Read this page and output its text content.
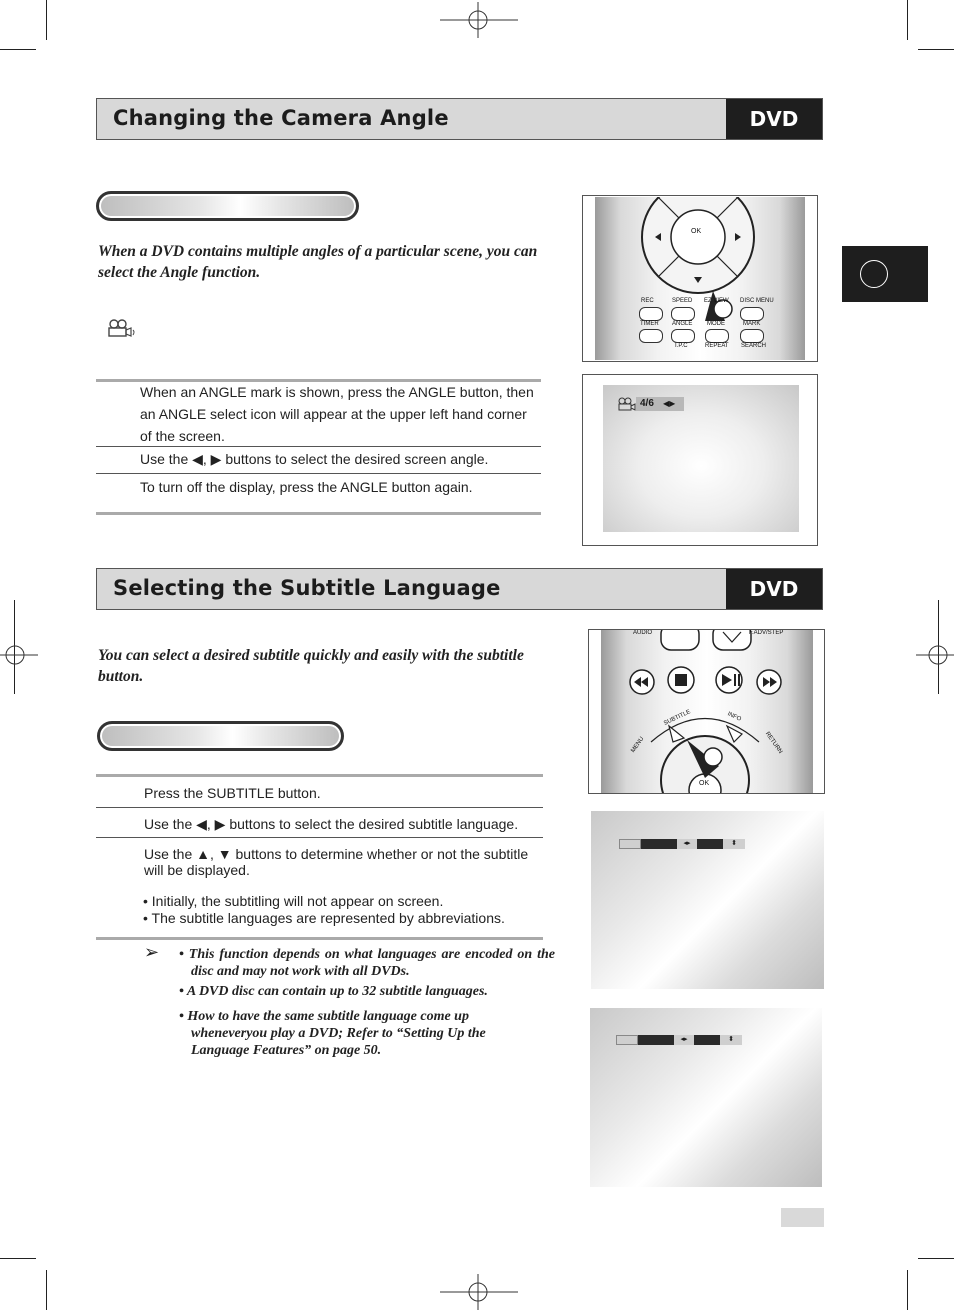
Changing the Camera Angle	DVD
When a DVD contains multiple angles of a particular scene, you can select the Angle function.
When an ANGLE mark is shown, press the ANGLE button, then an ANGLE select icon will appear at the upper left hand corner of the screen.
Use the ◀, ▶ buttons to select the desired screen angle.
To turn off the display, press the ANGLE button again.
OK
REC	SPEED EZ VIEW DISC MENU
TIMER ANGLE MODE	MARK
I.P.C	REPEAT SEARCH
4/6 ◀▶
Selecting the Subtitle Language	DVD
You can select a desired subtitle quickly and easily with the subtitle button.
Press the SUBTITLE button.
Use the ◀, ▶ buttons to select the desired subtitle language.
Use the ▲, ▼ buttons to determine whether or not the subtitle will be displayed.
• Initially, the subtitling will not appear on screen.
• The subtitle languages are represented by abbreviations.
➢ • This function depends on what languages are encoded on the disc and may not work with all DVDs.
• A DVD disc can contain up to 32 subtitle languages.
• How to have the same subtitle language come up wheneveryou play a DVD; Refer to “Setting Up the Language Features” on page 50.
AUDIO	F.ADV/STEP
SUBTITLE	INFO
MENU	RETURN
OK
◂▸	⬍
◂▸	⬍
